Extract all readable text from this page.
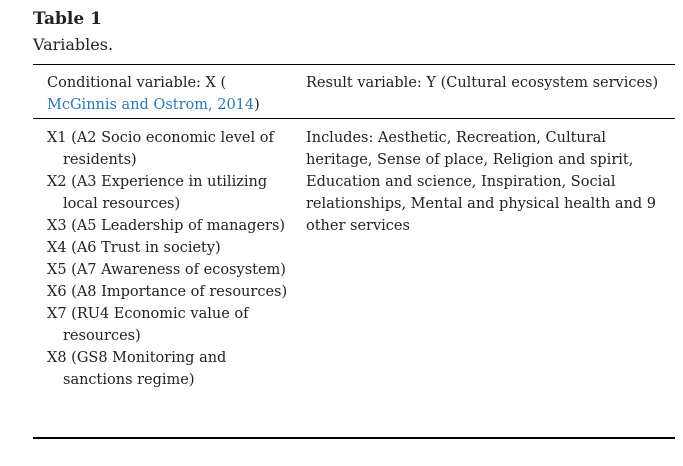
Table 1

Variables.

Conditional variable: X (
McGinnis and Ostrom, 2014)
Result variable: Y (Cultural ecosystem services)
X1 (A2 Socio economic level of residents)
X2 (A3 Experience in utilizing local resources)
X3 (A5 Leadership of managers)
X4 (A6 Trust in society)
X5 (A7 Awareness of ecosystem)
X6 (A8 Importance of resources)
X7 (RU4 Economic value of resources)
X8 (GS8 Monitoring and sanctions regime)
Includes: Aesthetic, Recreation, Cultural heritage, Sense of place, Religion and spirit, Education and science, Inspiration, Social relationships, Mental and physical health and 9 other services
